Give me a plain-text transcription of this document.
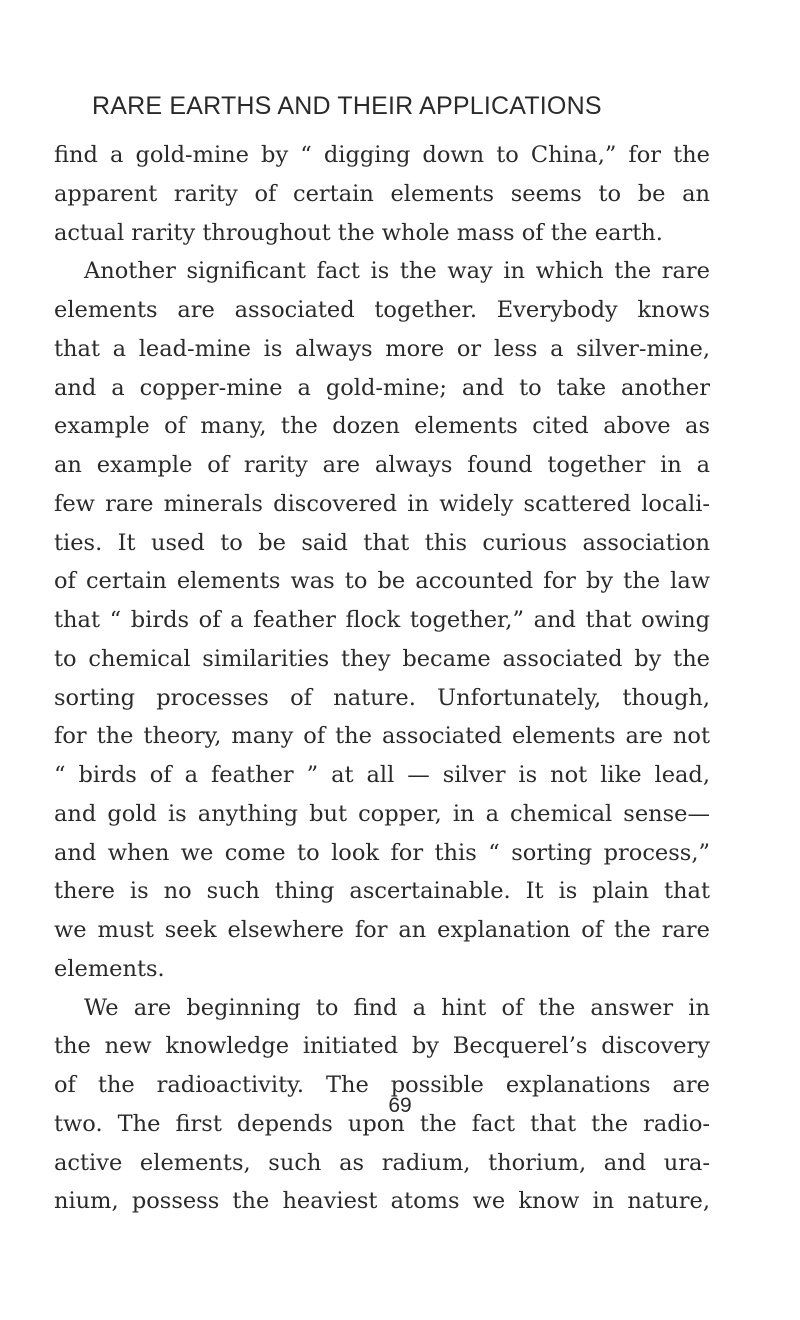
RARE EARTHS AND THEIR APPLICATIONS
find a gold-mine by “ digging down to China,” for the
apparent rarity of certain elements seems to be an
actual rarity throughout the whole mass of the earth.
Another significant fact is the way in which the rare
elements are associated together. Everybody knows
that a lead-mine is always more or less a silver-mine,
and a copper-mine a gold-mine; and to take another
example of many, the dozen elements cited above as
an example of rarity are always found together in a
few rare minerals discovered in widely scattered locali-
ties. It used to be said that this curious association
of certain elements was to be accounted for by the law
that “ birds of a feather flock together,” and that owing
to chemical similarities they became associated by the
sorting processes of nature. Unfortunately, though,
for the theory, many of the associated elements are not
“ birds of a feather ” at all — silver is not like lead,
and gold is anything but copper, in a chemical sense—
and when we come to look for this “ sorting process,”
there is no such thing ascertainable. It is plain that
we must seek elsewhere for an explanation of the rare
elements.
We are beginning to find a hint of the answer in
the new knowledge initiated by Becquerel’s discovery
of the radioactivity. The possible explanations are
two. The first depends upon the fact that the radio-
active elements, such as radium, thorium, and ura-
nium, possess the heaviest atoms we know in nature,
69
